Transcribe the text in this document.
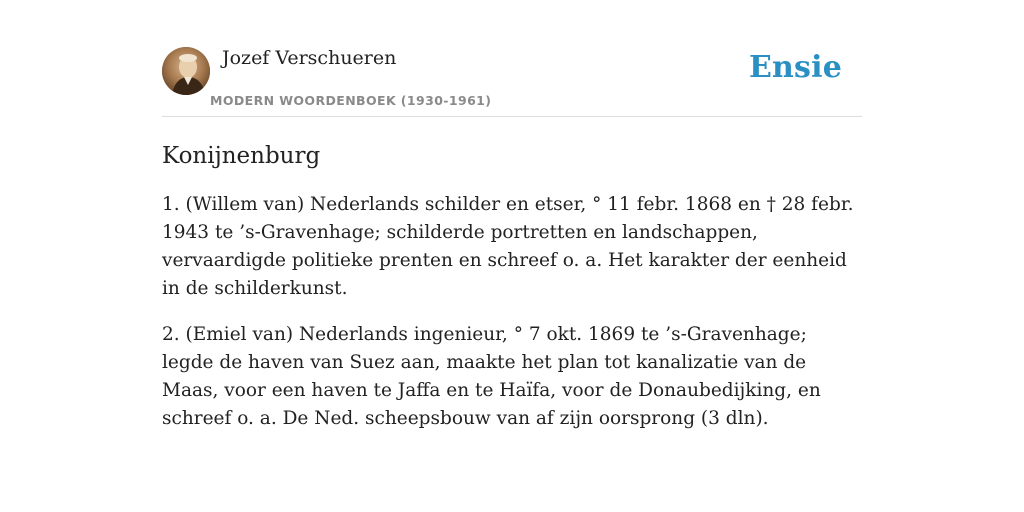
Jozef Verschueren
MODERN WOORDENBOEK (1930-1961)
Ensie
Konijnenburg

1. (Willem van) Nederlands schilder en etser, ° 11 febr. 1868 en † 28 febr. 1943 te ’s-Gravenhage; schilderde portretten en landschappen, vervaardigde politieke prenten en schreef o. a. Het karakter der eenheid in de schilderkunst.

2. (Emiel van) Nederlands ingenieur, ° 7 okt. 1869 te ’s-Gravenhage; legde de haven van Suez aan, maakte het plan tot kanalizatie van de Maas, voor een haven te Jaffa en te Haïfa, voor de Donaubedijking, en schreef o. a. De Ned. scheepsbouw van af zijn oorsprong (3 dln).
